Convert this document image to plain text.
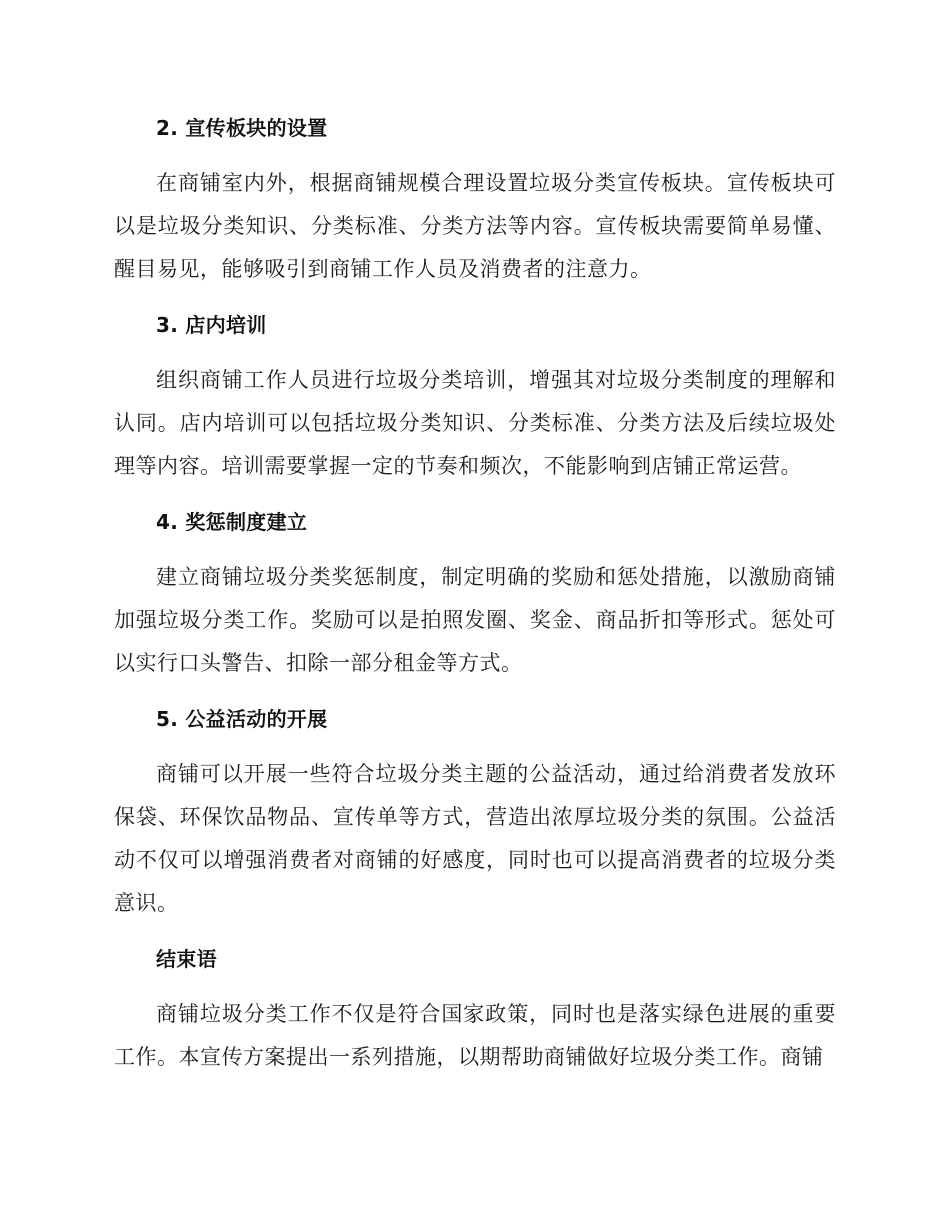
2. 宣传板块的设置

在商铺室内外，根据商铺规模合理设置垃圾分类宣传板块。宣传板块可以是垃圾分类知识、分类标准、分类方法等内容。宣传板块需要简单易懂、醒目易见，能够吸引到商铺工作人员及消费者的注意力。

3. 店内培训

组织商铺工作人员进行垃圾分类培训，增强其对垃圾分类制度的理解和认同。店内培训可以包括垃圾分类知识、分类标准、分类方法及后续垃圾处理等内容。培训需要掌握一定的节奏和频次，不能影响到店铺正常运营。

4. 奖惩制度建立

建立商铺垃圾分类奖惩制度，制定明确的奖励和惩处措施，以激励商铺加强垃圾分类工作。奖励可以是拍照发圈、奖金、商品折扣等形式。惩处可以实行口头警告、扣除一部分租金等方式。

5. 公益活动的开展

商铺可以开展一些符合垃圾分类主题的公益活动，通过给消费者发放环保袋、环保饮品物品、宣传单等方式，营造出浓厚垃圾分类的氛围。公益活动不仅可以增强消费者对商铺的好感度，同时也可以提高消费者的垃圾分类意识。

结束语

商铺垃圾分类工作不仅是符合国家政策，同时也是落实绿色进展的重要工作。本宣传方案提出一系列措施，以期帮助商铺做好垃圾分类工作。商铺
